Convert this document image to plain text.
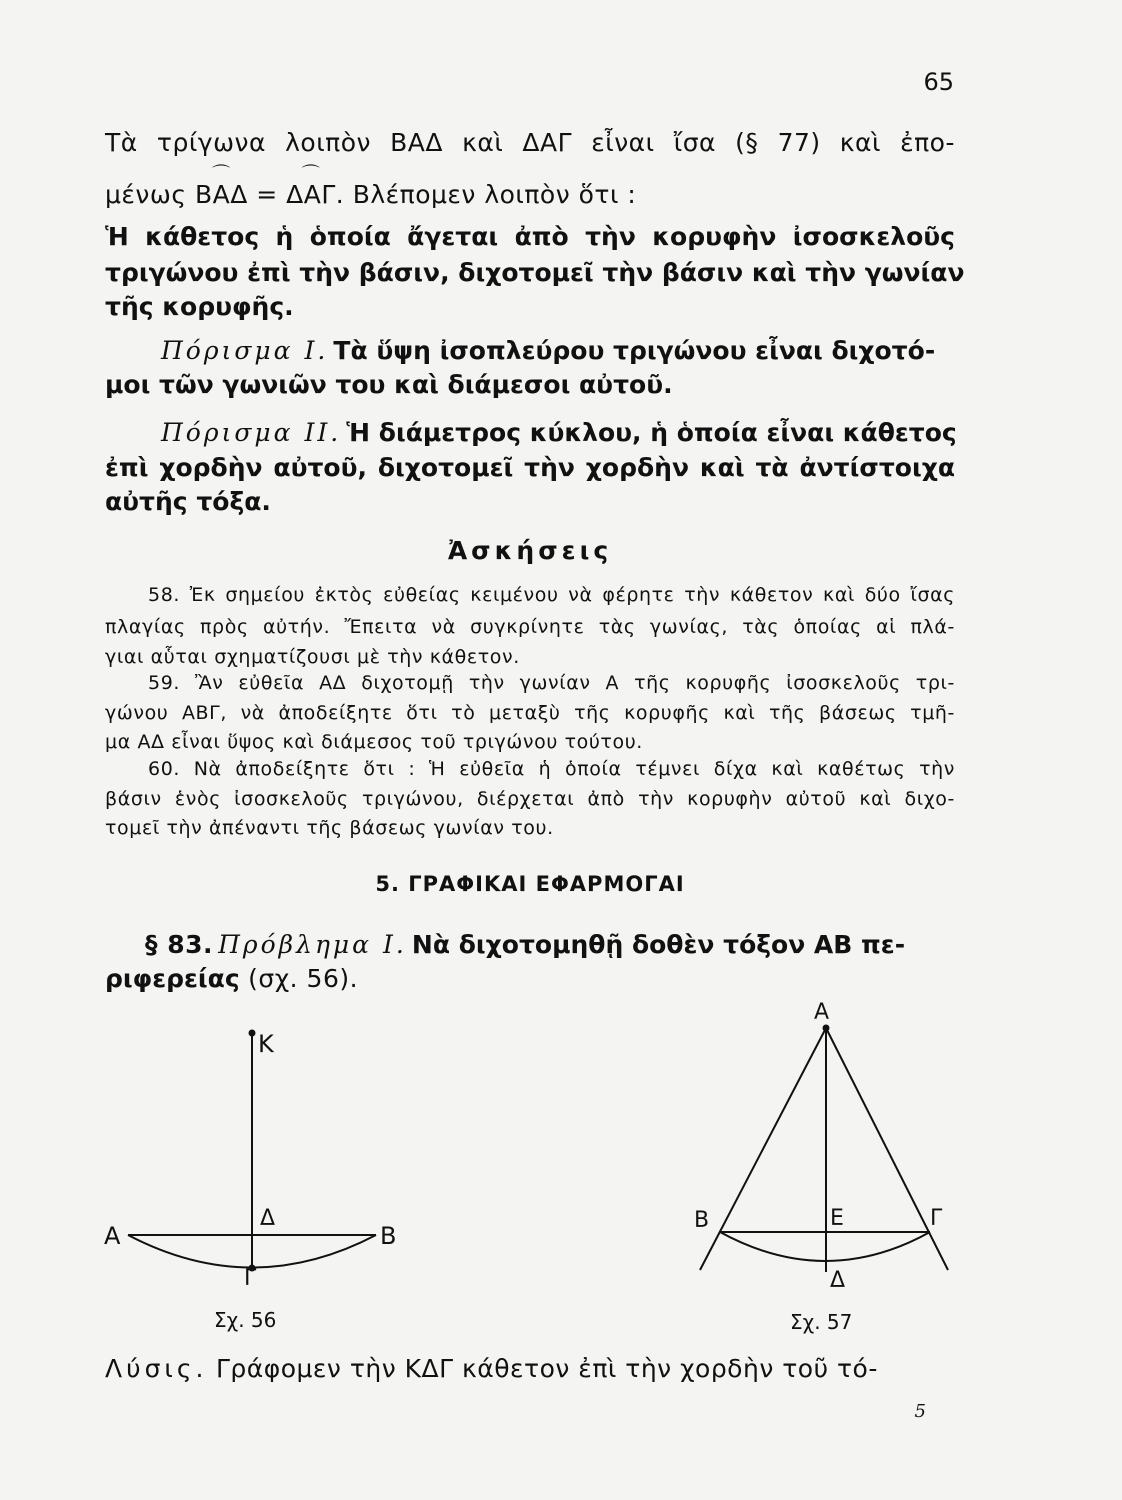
65
Τὰ τρίγωνα λοιπὸν ΒΑΔ καὶ ΔΑΓ εἶναι ἴσα (§ 77) καὶ ἐπο-
μένως
⌒
ΒΑΔ =
⌒
ΔΑΓ. Βλέπομεν λοιπὸν ὅτι :
Ἡ κάθετος ἡ ὁποία ἄγεται ἀπὸ τὴν κορυφὴν ἰσοσκελοῦς
τριγώνου ἐπὶ τὴν βάσιν, διχοτομεῖ τὴν βάσιν καὶ τὴν γωνίαν
τῆς κορυφῆς.
Πόρισμα Ι. Τὰ ὕψη ἰσοπλεύρου τριγώνου εἶναι διχοτό-
μοι τῶν γωνιῶν του καὶ διάμεσοι αὐτοῦ.
Πόρισμα ΙΙ. Ἡ διάμετρος κύκλου, ἡ ὁποία εἶναι κάθετος
ἐπὶ χορδὴν αὐτοῦ, διχοτομεῖ τὴν χορδὴν καὶ τὰ ἀντίστοιχα
αὐτῆς τόξα.
Ἀσκήσεις
58. Ἐκ σημείου ἐκτὸς εὐθείας κειμένου νὰ φέρητε τὴν κάθετον καὶ δύο ἴσας
πλαγίας πρὸς αὐτήν. Ἔπειτα νὰ συγκρίνητε τὰς γωνίας, τὰς ὁποίας αἱ πλά-
γιαι αὗται σχηματίζουσι μὲ τὴν κάθετον.
59. Ἂν εὐθεῖα ΑΔ διχοτομῇ τὴν γωνίαν Α τῆς κορυφῆς ἰσοσκελοῦς τρι-
γώνου ΑΒΓ, νὰ ἀποδείξητε ὅτι τὸ μεταξὺ τῆς κορυφῆς καὶ τῆς βάσεως τμῆ-
μα ΑΔ εἶναι ὕψος καὶ διάμεσος τοῦ τριγώνου τούτου.
60. Νὰ ἀποδείξητε ὅτι : Ἡ εὐθεῖα ἡ ὁποία τέμνει δίχα καὶ καθέτως τὴν
βάσιν ἑνὸς ἰσοσκελοῦς τριγώνου, διέρχεται ἀπὸ τὴν κορυφὴν αὐτοῦ καὶ διχο-
τομεῖ τὴν ἀπέναντι τῆς βάσεως γωνίαν του.
5. ΓΡΑΦΙΚΑΙ ΕΦΑΡΜΟΓΑΙ
§ 83. Πρόβλημα Ι. Νὰ διχοτομηθῇ δοθὲν τόξον ΑΒ πε-
ριφερείας (σχ. 56).
Κ
Α	Β
Δ
Γ
Σχ. 56
Α
Β	Ε	Γ
Δ
Σχ. 57
Λύσις. Γράφομεν τὴν ΚΔΓ κάθετον ἐπὶ τὴν χορδὴν τοῦ τό-
5
